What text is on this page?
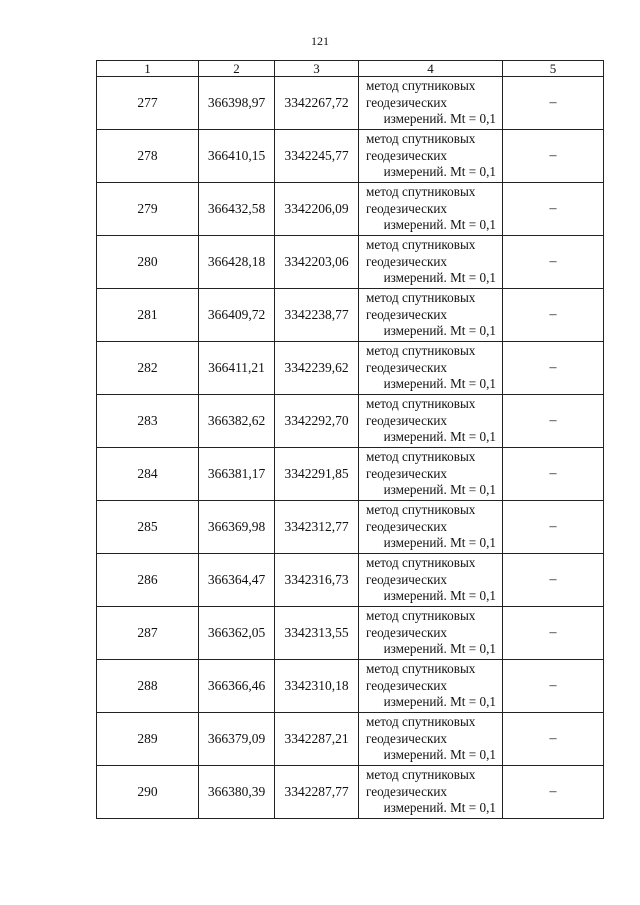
121
1	2	3	4	5
277	366398,97	3342267,72	метод спутниковых
геодезических
измерений. Mt = 0,1	–
278	366410,15	3342245,77	метод спутниковых
геодезических
измерений. Mt = 0,1	–
279	366432,58	3342206,09	метод спутниковых
геодезических
измерений. Mt = 0,1	–
280	366428,18	3342203,06	метод спутниковых
геодезических
измерений. Mt = 0,1	–
281	366409,72	3342238,77	метод спутниковых
геодезических
измерений. Mt = 0,1	–
282	366411,21	3342239,62	метод спутниковых
геодезических
измерений. Mt = 0,1	–
283	366382,62	3342292,70	метод спутниковых
геодезических
измерений. Mt = 0,1	–
284	366381,17	3342291,85	метод спутниковых
геодезических
измерений. Mt = 0,1	–
285	366369,98	3342312,77	метод спутниковых
геодезических
измерений. Mt = 0,1	–
286	366364,47	3342316,73	метод спутниковых
геодезических
измерений. Mt = 0,1	–
287	366362,05	3342313,55	метод спутниковых
геодезических
измерений. Mt = 0,1	–
288	366366,46	3342310,18	метод спутниковых
геодезических
измерений. Mt = 0,1	–
289	366379,09	3342287,21	метод спутниковых
геодезических
измерений. Mt = 0,1	–
290	366380,39	3342287,77	метод спутниковых
геодезических
измерений. Mt = 0,1	–
